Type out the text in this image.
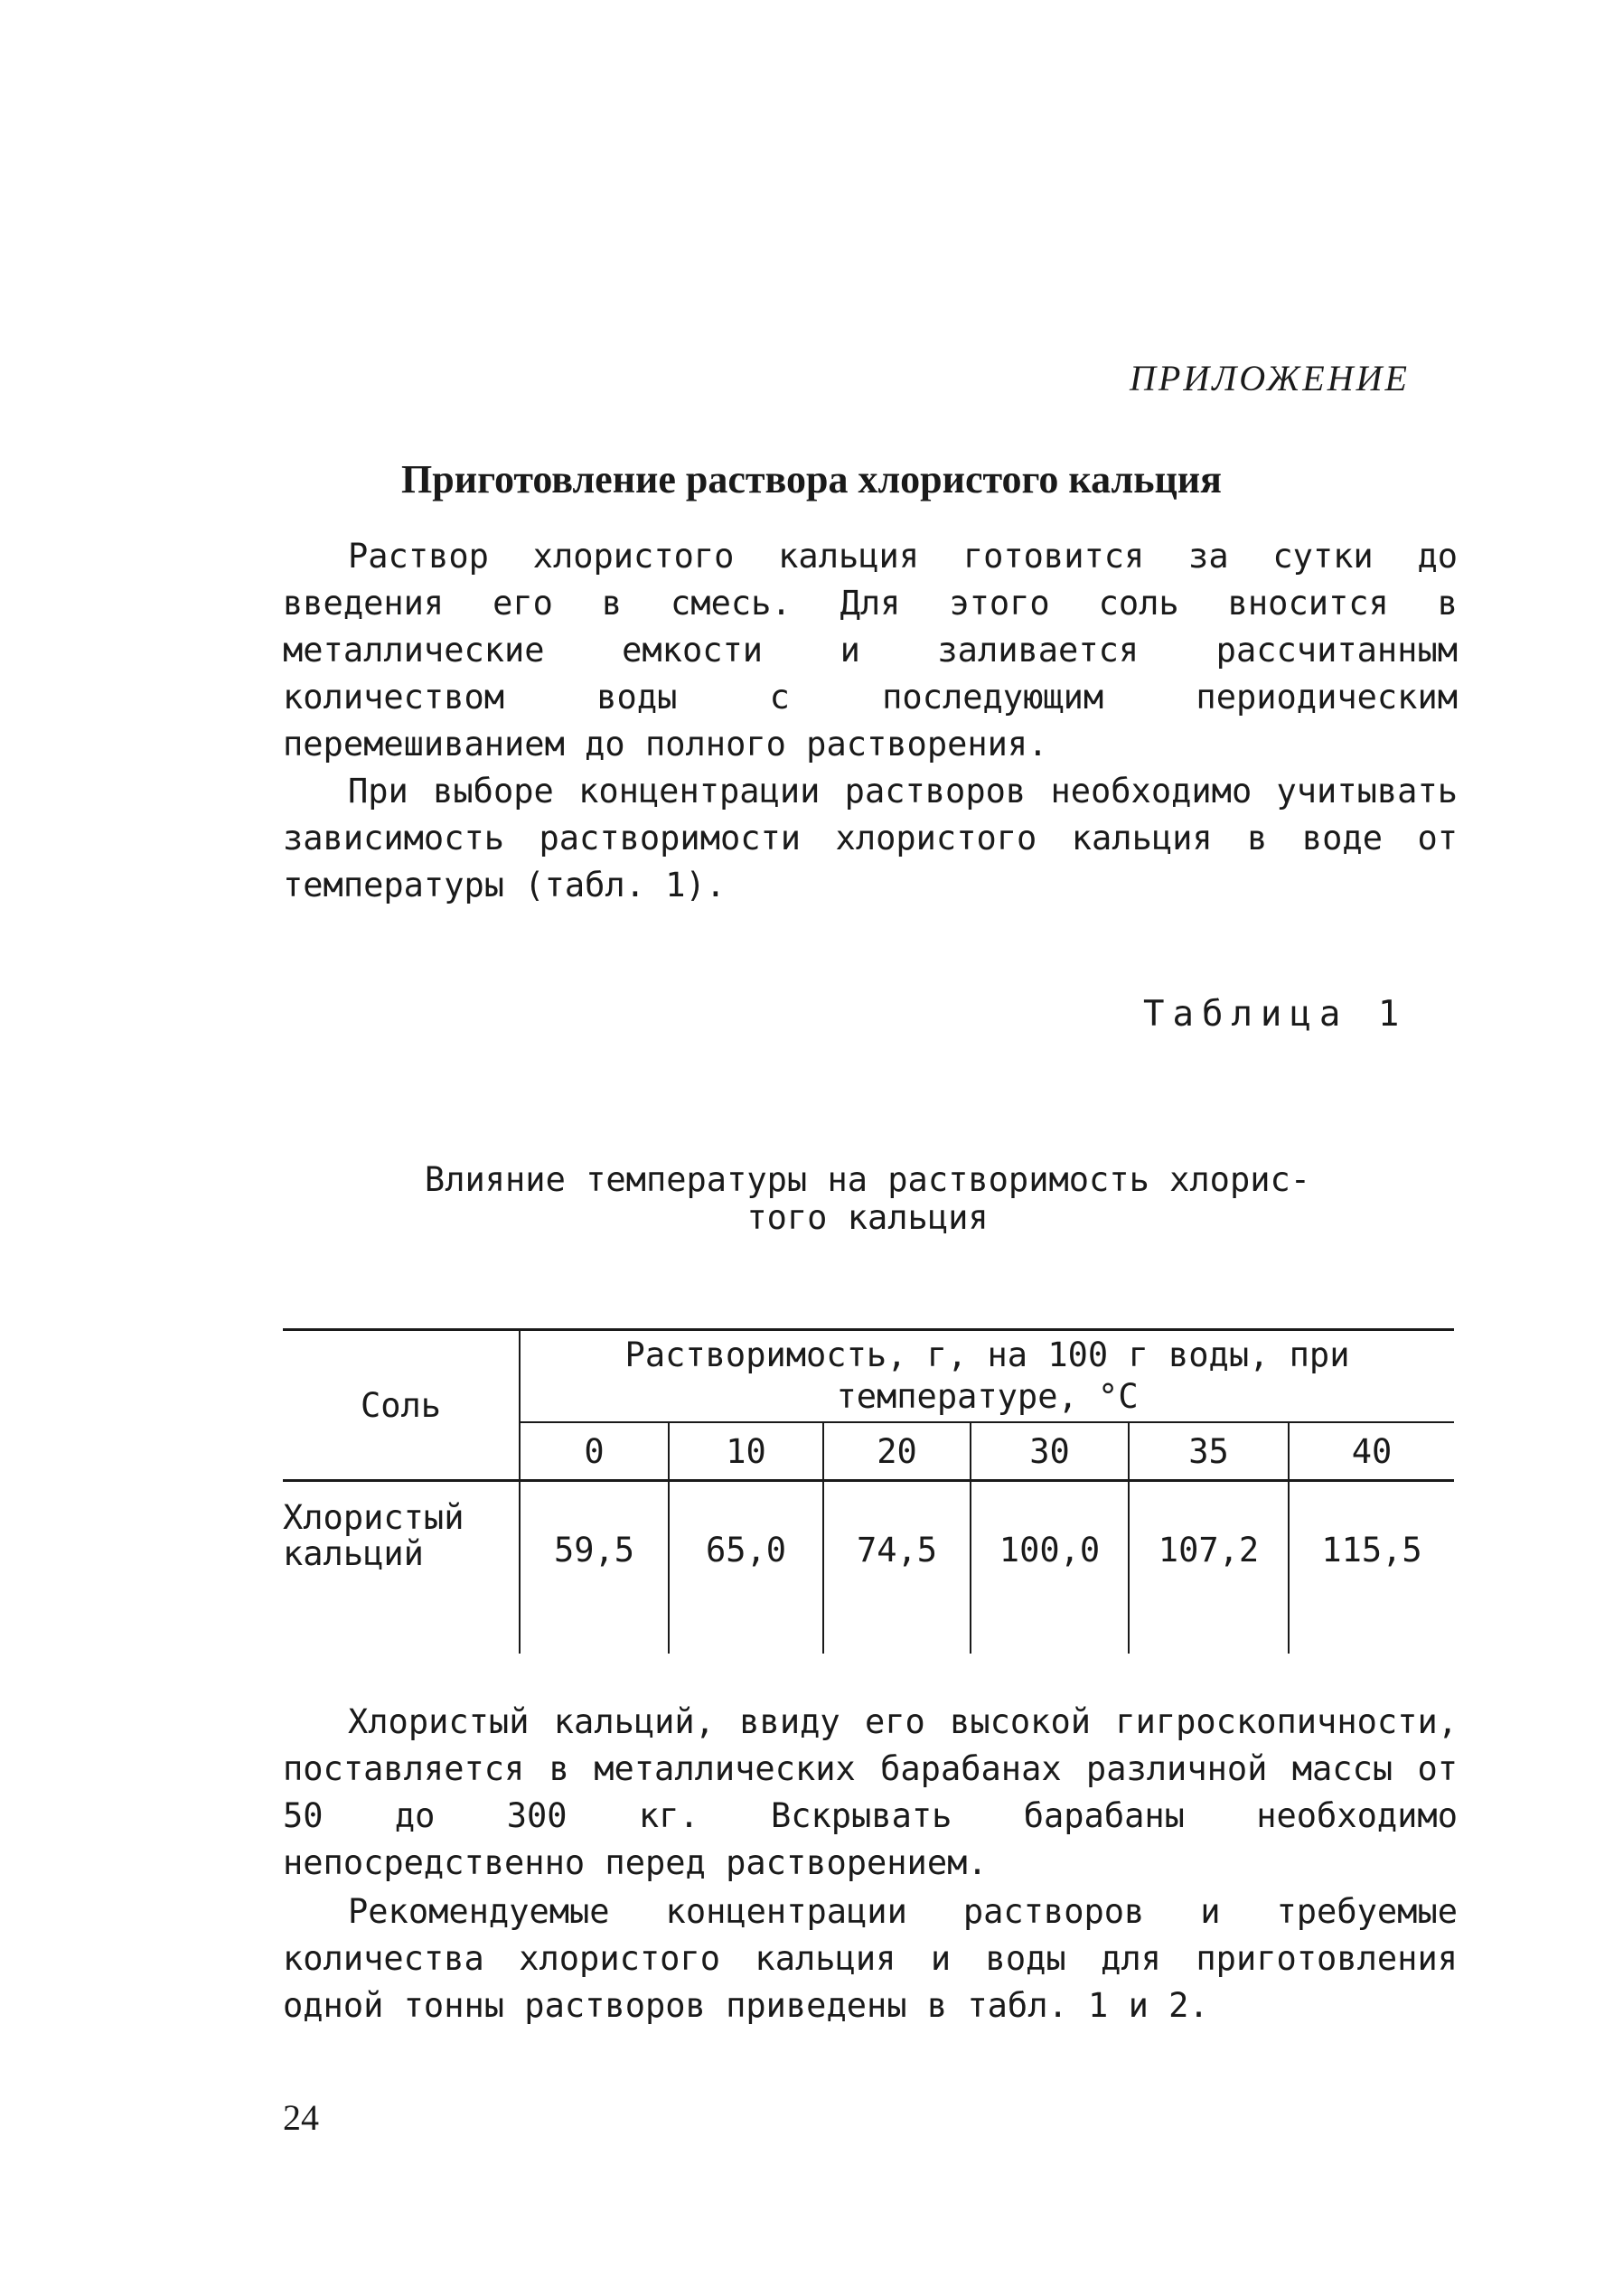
ПРИЛОЖЕНИЕ
Приготовление раствора хлористого кальция

Раствор хлористого кальция готовится за сутки до введения его в смесь. Для этого соль вносится в металлические емкости и заливается рассчитанным количеством воды с последующим периодическим перемешиванием до полного растворения.

При выборе концентрации растворов необходимо учитывать зависимость растворимости хлористого кальция в воде от температуры (табл. 1).

Таблица 1

Влияние температуры на растворимость хлорис-
того кальция

Соль	Растворимость, г, на 100 г воды, при температуре, °С					
	0	10	20	30	35	40
Хлористый
кальций	59,5	65,0	74,5	100,0	107,2	115,5

Хлористый кальций, ввиду его высокой гигроскопичности, поставляется в металлических барабанах различной массы от 50 до 300 кг. Вскрывать барабаны необходимо непосредственно перед растворением.

Рекомендуемые концентрации растворов и требуемые количества хлористого кальция и воды для приготовления одной тонны растворов приведены в табл. 1 и 2.

24
